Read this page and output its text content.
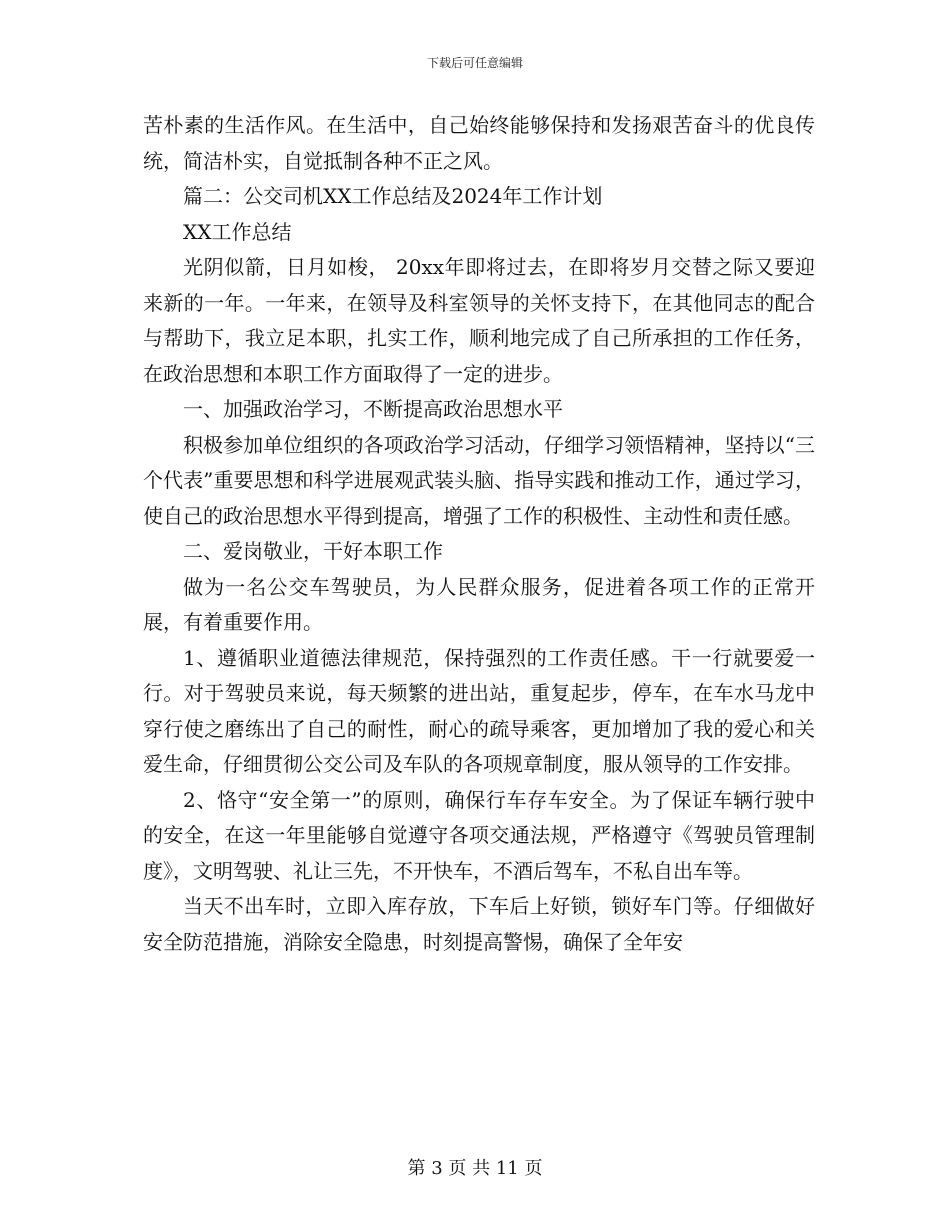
下载后可任意编辑

苦朴素的生活作风。在生活中，自己始终能够保持和发扬艰苦奋斗的优良传统，简洁朴实，自觉抵制各种不正之风。

篇二：公交司机XX工作总结及2024年工作计划

XX工作总结

光阴似箭，日月如梭， 20xx年即将过去，在即将岁月交替之际又要迎来新的一年。一年来，在领导及科室领导的关怀支持下，在其他同志的配合与帮助下，我立足本职，扎实工作，顺利地完成了自己所承担的工作任务，在政治思想和本职工作方面取得了一定的进步。

一、加强政治学习，不断提高政治思想水平

积极参加单位组织的各项政治学习活动，仔细学习领悟精神，坚持以“三个代表”重要思想和科学进展观武装头脑、指导实践和推动工作，通过学习，使自己的政治思想水平得到提高，增强了工作的积极性、主动性和责任感。

二、爱岗敬业，干好本职工作

做为一名公交车驾驶员，为人民群众服务，促进着各项工作的正常开展，有着重要作用。

1、遵循职业道德法律规范，保持强烈的工作责任感。干一行就要爱一行。对于驾驶员来说，每天频繁的进出站，重复起步，停车，在车水马龙中穿行使之磨练出了自己的耐性，耐心的疏导乘客，更加增加了我的爱心和关爱生命，仔细贯彻公交公司及车队的各项规章制度，服从领导的工作安排。

2、恪守“安全第一”的原则，确保行车存车安全。为了保证车辆行驶中的安全，在这一年里能够自觉遵守各项交通法规，严格遵守《驾驶员管理制度》，文明驾驶、礼让三先，不开快车，不酒后驾车，不私自出车等。

当天不出车时，立即入库存放，下车后上好锁，锁好车门等。仔细做好安全防范措施，消除安全隐患，时刻提高警惕，确保了全年安

第 3 页 共 11 页
